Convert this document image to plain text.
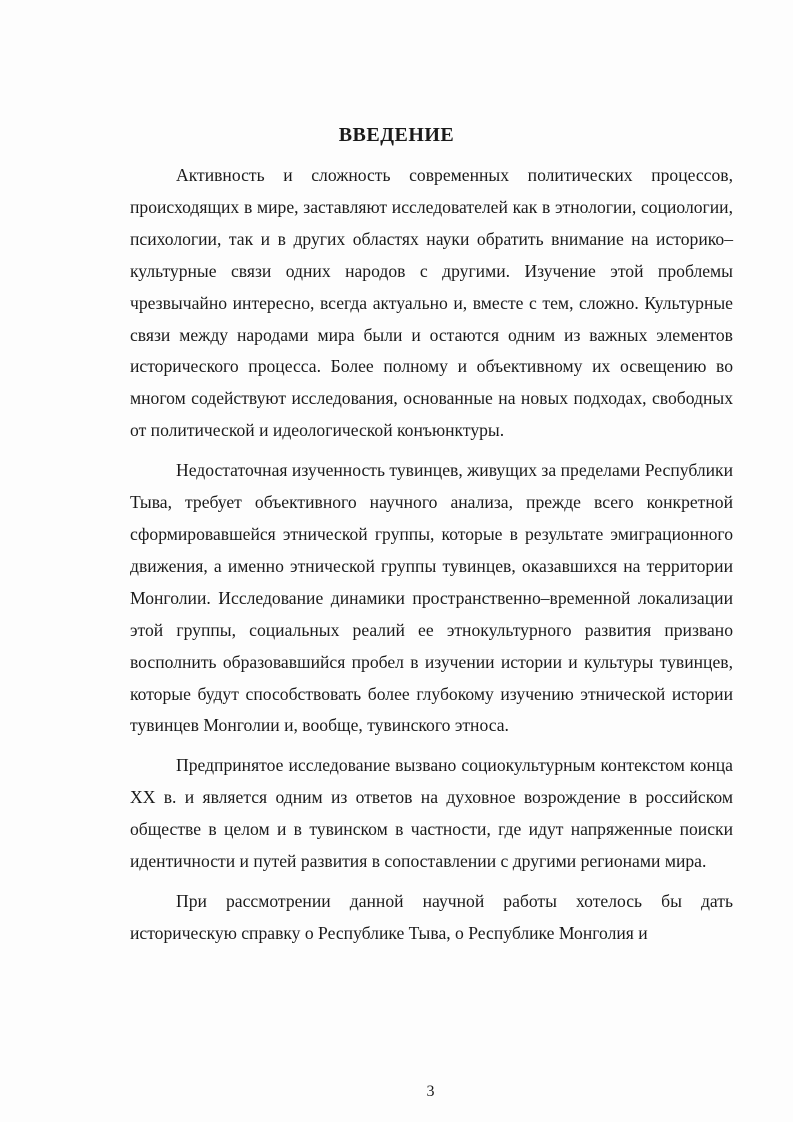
ВВЕДЕНИЕ

Активность и сложность современных политических процессов, происходящих в мире, заставляют исследователей как в этнологии, социологии, психологии, так и в других областях науки обратить внимание на историко–культурные связи одних народов с другими. Изучение этой проблемы чрезвычайно интересно, всегда актуально и, вместе с тем, сложно. Культурные связи между народами мира были и остаются одним из важных элементов исторического процесса. Более полному и объективному их освещению во многом содействуют исследования, основанные на новых подходах, свободных от политической и идеологической конъюнктуры.

Недостаточная изученность тувинцев, живущих за пределами Республики Тыва, требует объективного научного анализа, прежде всего конкретной сформировавшейся этнической группы, которые в результате эмиграционного движения, а именно этнической группы тувинцев, оказавшихся на территории Монголии. Исследование динамики пространственно–временной локализации этой группы, социальных реалий ее этнокультурного развития призвано восполнить образовавшийся пробел в изучении истории и культуры тувинцев, которые будут способствовать более глубокому изучению этнической истории тувинцев Монголии и, вообще, тувинского этноса.

Предпринятое исследование вызвано социокультурным контекстом конца XX в. и является одним из ответов на духовное возрождение в российском обществе в целом и в тувинском в частности, где идут напряженные поиски идентичности и путей развития в сопоставлении с другими регионами мира.

При рассмотрении данной научной работы хотелось бы дать историческую справку о Республике Тыва, о Республике Монголия и

3
